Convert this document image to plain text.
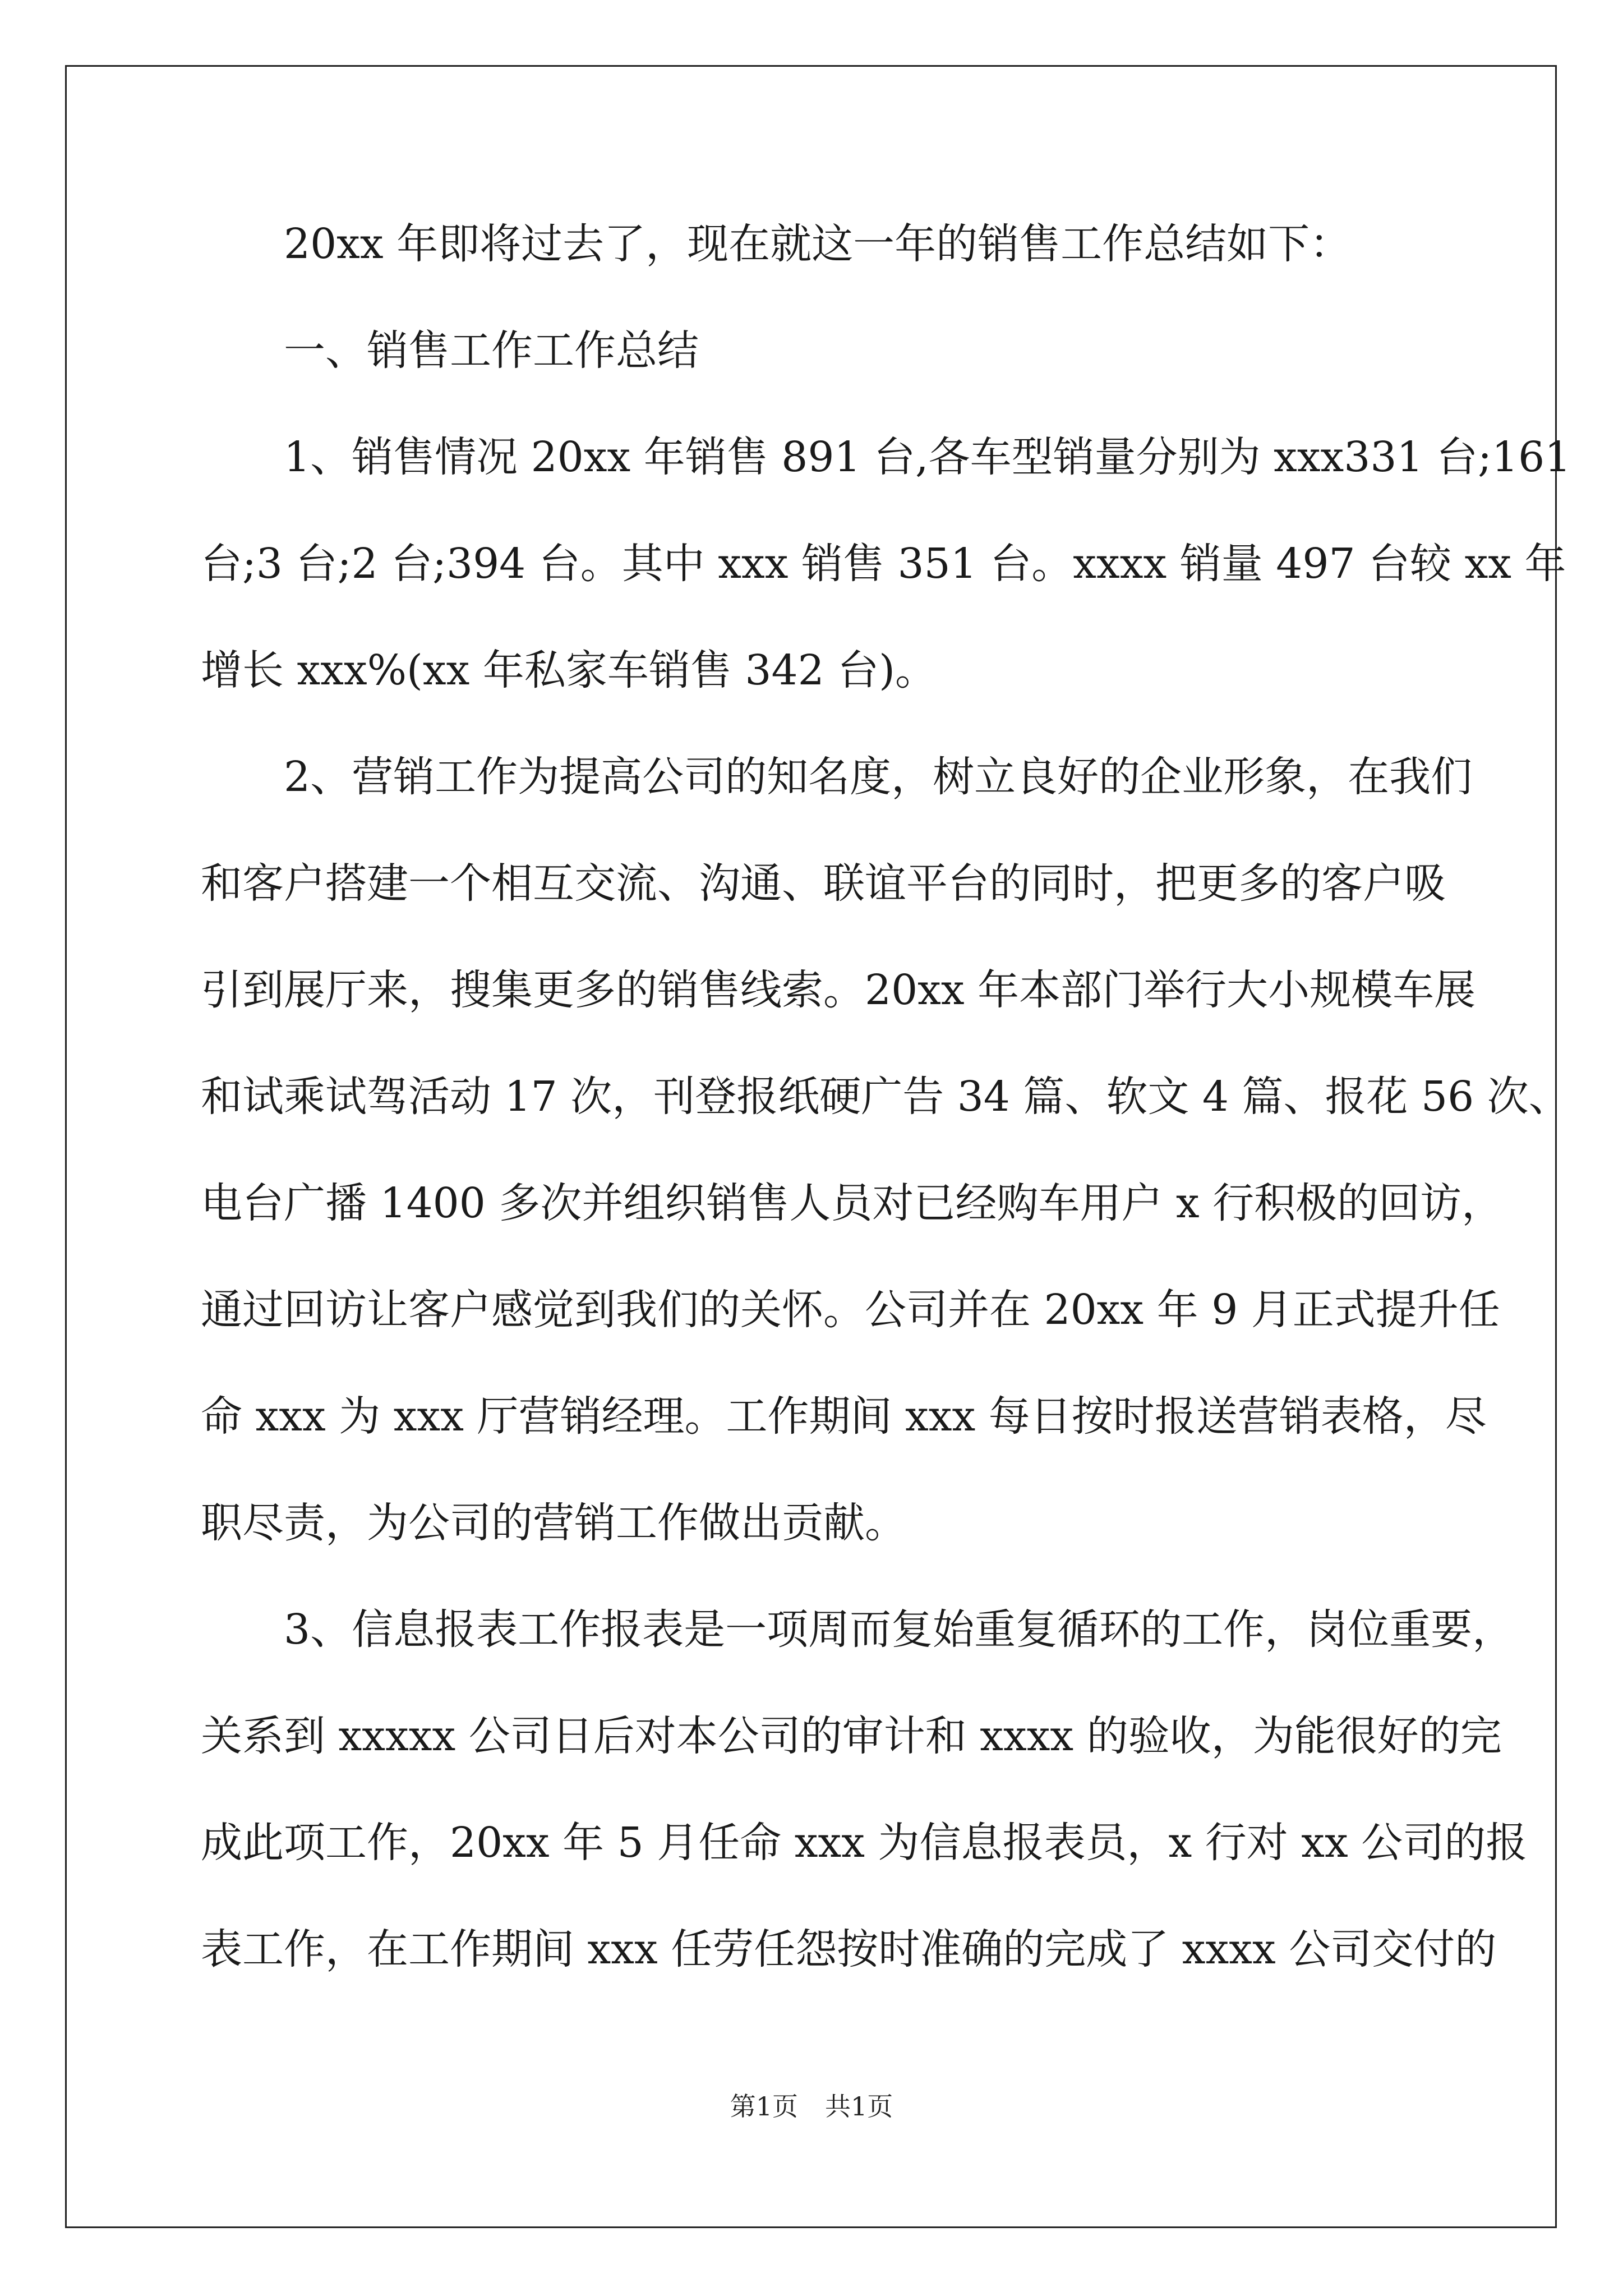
20xx 年即将过去了，现在就这一年的销售工作总结如下：
一、销售工作工作总结
1、销售情况 20xx 年销售 891 台,各车型销量分别为 xxx331 台;161
台;3 台;2 台;394 台。其中 xxx 销售 351 台。xxxx 销量 497 台较 xx 年
增长 xxx%(xx 年私家车销售 342 台)。
2、营销工作为提高公司的知名度，树立良好的企业形象，在我们
和客户搭建一个相互交流、沟通、联谊平台的同时，把更多的客户吸
引到展厅来，搜集更多的销售线索。20xx 年本部门举行大小规模车展
和试乘试驾活动 17 次，刊登报纸硬广告 34 篇、软文 4 篇、报花 56 次、
电台广播 1400 多次并组织销售人员对已经购车用户 x 行积极的回访，
通过回访让客户感觉到我们的关怀。公司并在 20xx 年 9 月正式提升任
命 xxx 为 xxx 厅营销经理。工作期间 xxx 每日按时报送营销表格，尽
职尽责，为公司的营销工作做出贡献。
3、信息报表工作报表是一项周而复始重复循环的工作，岗位重要，
关系到 xxxxx 公司日后对本公司的审计和 xxxx 的验收，为能很好的完
成此项工作，20xx 年 5 月任命 xxx 为信息报表员，x 行对 xx 公司的报
表工作，在工作期间 xxx 任劳任怨按时准确的完成了 xxxx 公司交付的
第1页 共1页
